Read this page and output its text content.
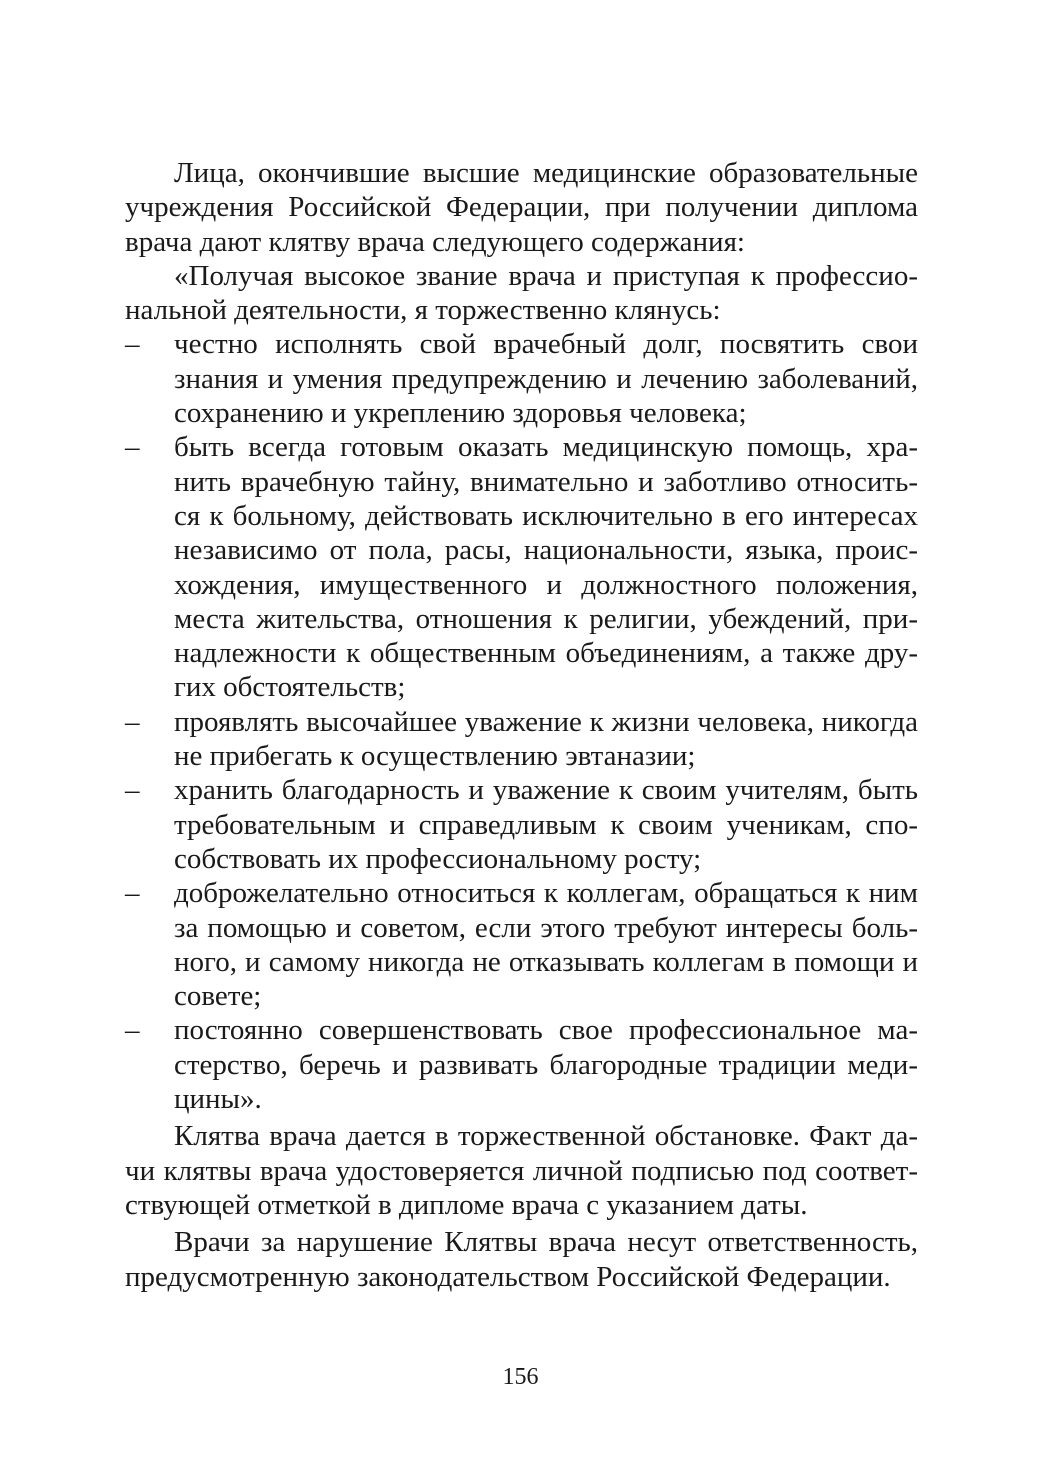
Лица, окончившие высшие медицинские образовательные учреждения Российской Федерации, при получении диплома врача дают клятву врача следующего содержания:

«Получая высокое звание врача и приступая к профессиональной деятельности, я торжественно клянусь:

– честно исполнять свой врачебный долг, посвятить свои знания и умения предупреждению и лечению заболеваний, сохранению и укреплению здоровья человека;
– быть всегда готовым оказать медицинскую помощь, хранить врачебную тайну, внимательно и заботливо относиться к больному, действовать исключительно в его интересах независимо от пола, расы, национальности, языка, происхождения, имущественного и должностного положения, места жительства, отношения к религии, убеждений, принадлежности к общественным объединениям, а также других обстоятельств;
– проявлять высочайшее уважение к жизни человека, никогда не прибегать к осуществлению эвтаназии;
– хранить благодарность и уважение к своим учителям, быть требовательным и справедливым к своим ученикам, способствовать их профессиональному росту;
– доброжелательно относиться к коллегам, обращаться к ним за помощью и советом, если этого требуют интересы больного, и самому никогда не отказывать коллегам в помощи и совете;
– постоянно совершенствовать свое профессиональное мастерство, беречь и развивать благородные традиции медицины».

Клятва врача дается в торжественной обстановке. Факт дачи клятвы врача удостоверяется личной подписью под соответствующей отметкой в дипломе врача с указанием даты.

Врачи за нарушение Клятвы врача несут ответственность, предусмотренную законодательством Российской Федерации.

156
